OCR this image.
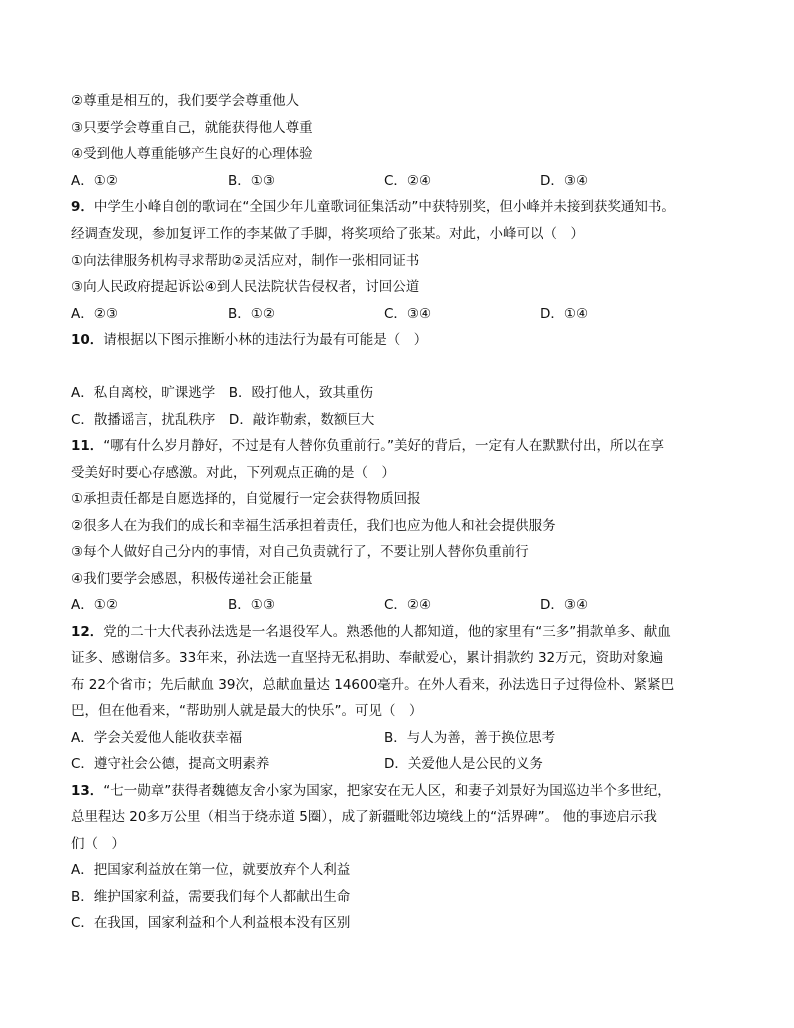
②尊重是相互的，我们要学会尊重他人
③只要学会尊重自己，就能获得他人尊重
④受到他人尊重能够产生良好的心理体验
A．①②	B．①③	C．②④	D．③④
9．中学生小峰自创的歌词在“全国少年儿童歌词征集活动”中获特别奖，但小峰并未接到获奖通知书。
经调查发现，参加复评工作的李某做了手脚，将奖项给了张某。对此，小峰可以（　）
①向法律服务机构寻求帮助②灵活应对，制作一张相同证书
③向人民政府提起诉讼④到人民法院状告侵权者，讨回公道
A．②③	B．①②	C．③④	D．①④
10．请根据以下图示推断小林的违法行为最有可能是（　）
A．私自离校，旷课逃学　B．殴打他人，致其重伤
C．散播谣言，扰乱秩序　D．敲诈勒索，数额巨大
11．“哪有什么岁月静好，不过是有人替你负重前行。”美好的背后，一定有人在默默付出，所以在享
受美好时要心存感激。对此，下列观点正确的是（　）
①承担责任都是自愿选择的，自觉履行一定会获得物质回报
②很多人在为我们的成长和幸福生活承担着责任，我们也应为他人和社会提供服务
③每个人做好自己分内的事情，对自己负责就行了，不要让别人替你负重前行
④我们要学会感恩，积极传递社会正能量
A．①②	B．①③	C．②④	D．③④
12．党的二十大代表孙法选是一名退役军人。熟悉他的人都知道，他的家里有“三多”捐款单多、献血
证多、感谢信多。33年来，孙法选一直坚持无私捐助、奉献爱心，累计捐款约 32万元，资助对象遍
布 22个省市；先后献血 39次，总献血量达 14600毫升。在外人看来，孙法选日子过得俭朴、紧紧巴
巴，但在他看来，“帮助别人就是最大的快乐”。可见（　）
A．学会关爱他人能收获幸福	B．与人为善，善于换位思考
C．遵守社会公德，提高文明素养	D．关爱他人是公民的义务
13．“七一勋章”获得者魏德友舍小家为国家，把家安在无人区，和妻子刘景好为国巡边半个多世纪，
总里程达 20多万公里（相当于绕赤道 5圈），成了新疆毗邻边境线上的“活界碑”。 他的事迹启示我
们（　）
A．把国家利益放在第一位，就要放弃个人利益
B．维护国家利益，需要我们每个人都献出生命
C．在我国，国家利益和个人利益根本没有区别
